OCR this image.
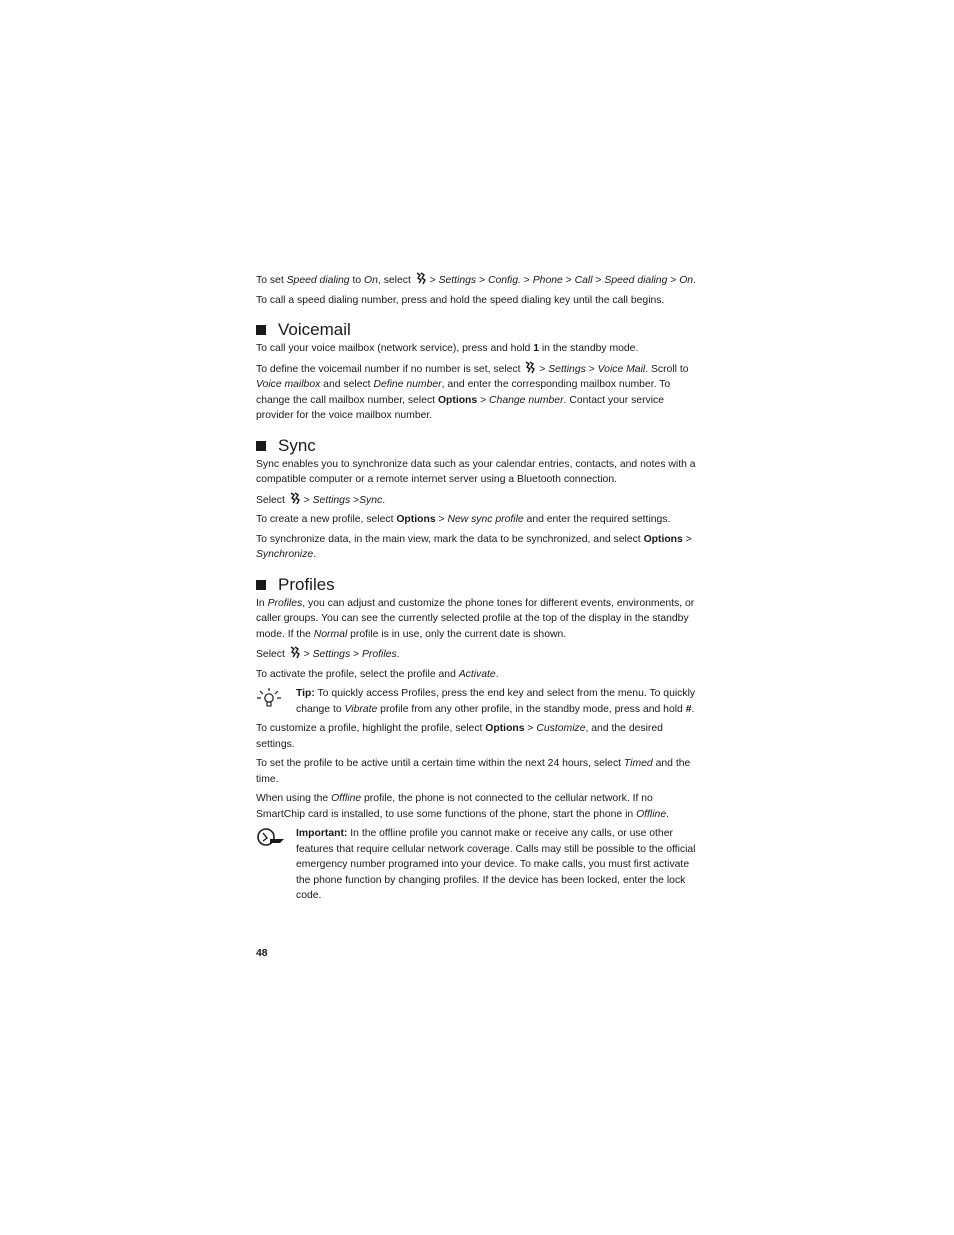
To set Speed dialing to On, select  > Settings > Config. > Phone > Call > Speed dialing > On.

To call a speed dialing number, press and hold the speed dialing key until the call begins.

Voicemail

To call your voice mailbox (network service), press and hold 1 in the standby mode.

To define the voicemail number if no number is set, select  > Settings > Voice Mail. Scroll to Voice mailbox and select Define number, and enter the corresponding mailbox number. To change the call mailbox number, select Options > Change number. Contact your service provider for the voice mailbox number.

Sync

Sync enables you to synchronize data such as your calendar entries, contacts, and notes with a compatible computer or a remote internet server using a Bluetooth connection.

Select  > Settings >Sync.

To create a new profile, select Options > New sync profile and enter the required settings.

To synchronize data, in the main view, mark the data to be synchronized, and select Options > Synchronize.

Profiles

In Profiles, you can adjust and customize the phone tones for different events, environments, or caller groups. You can see the currently selected profile at the top of the display in the standby mode. If the Normal profile is in use, only the current date is shown.

Select  > Settings > Profiles.

To activate the profile, select the profile and Activate.

Tip: To quickly access Profiles, press the end key and select from the menu. To quickly change to Vibrate profile from any other profile, in the standby mode, press and hold #.

To customize a profile, highlight the profile, select Options > Customize, and the desired settings.

To set the profile to be active until a certain time within the next 24 hours, select Timed and the time.

When using the Offline profile, the phone is not connected to the cellular network. If no SmartChip card is installed, to use some functions of the phone, start the phone in Offline.

Important: In the offline profile you cannot make or receive any calls, or use other features that require cellular network coverage. Calls may still be possible to the official emergency number programed into your device. To make calls, you must first activate the phone function by changing profiles. If the device has been locked, enter the lock code.
48
